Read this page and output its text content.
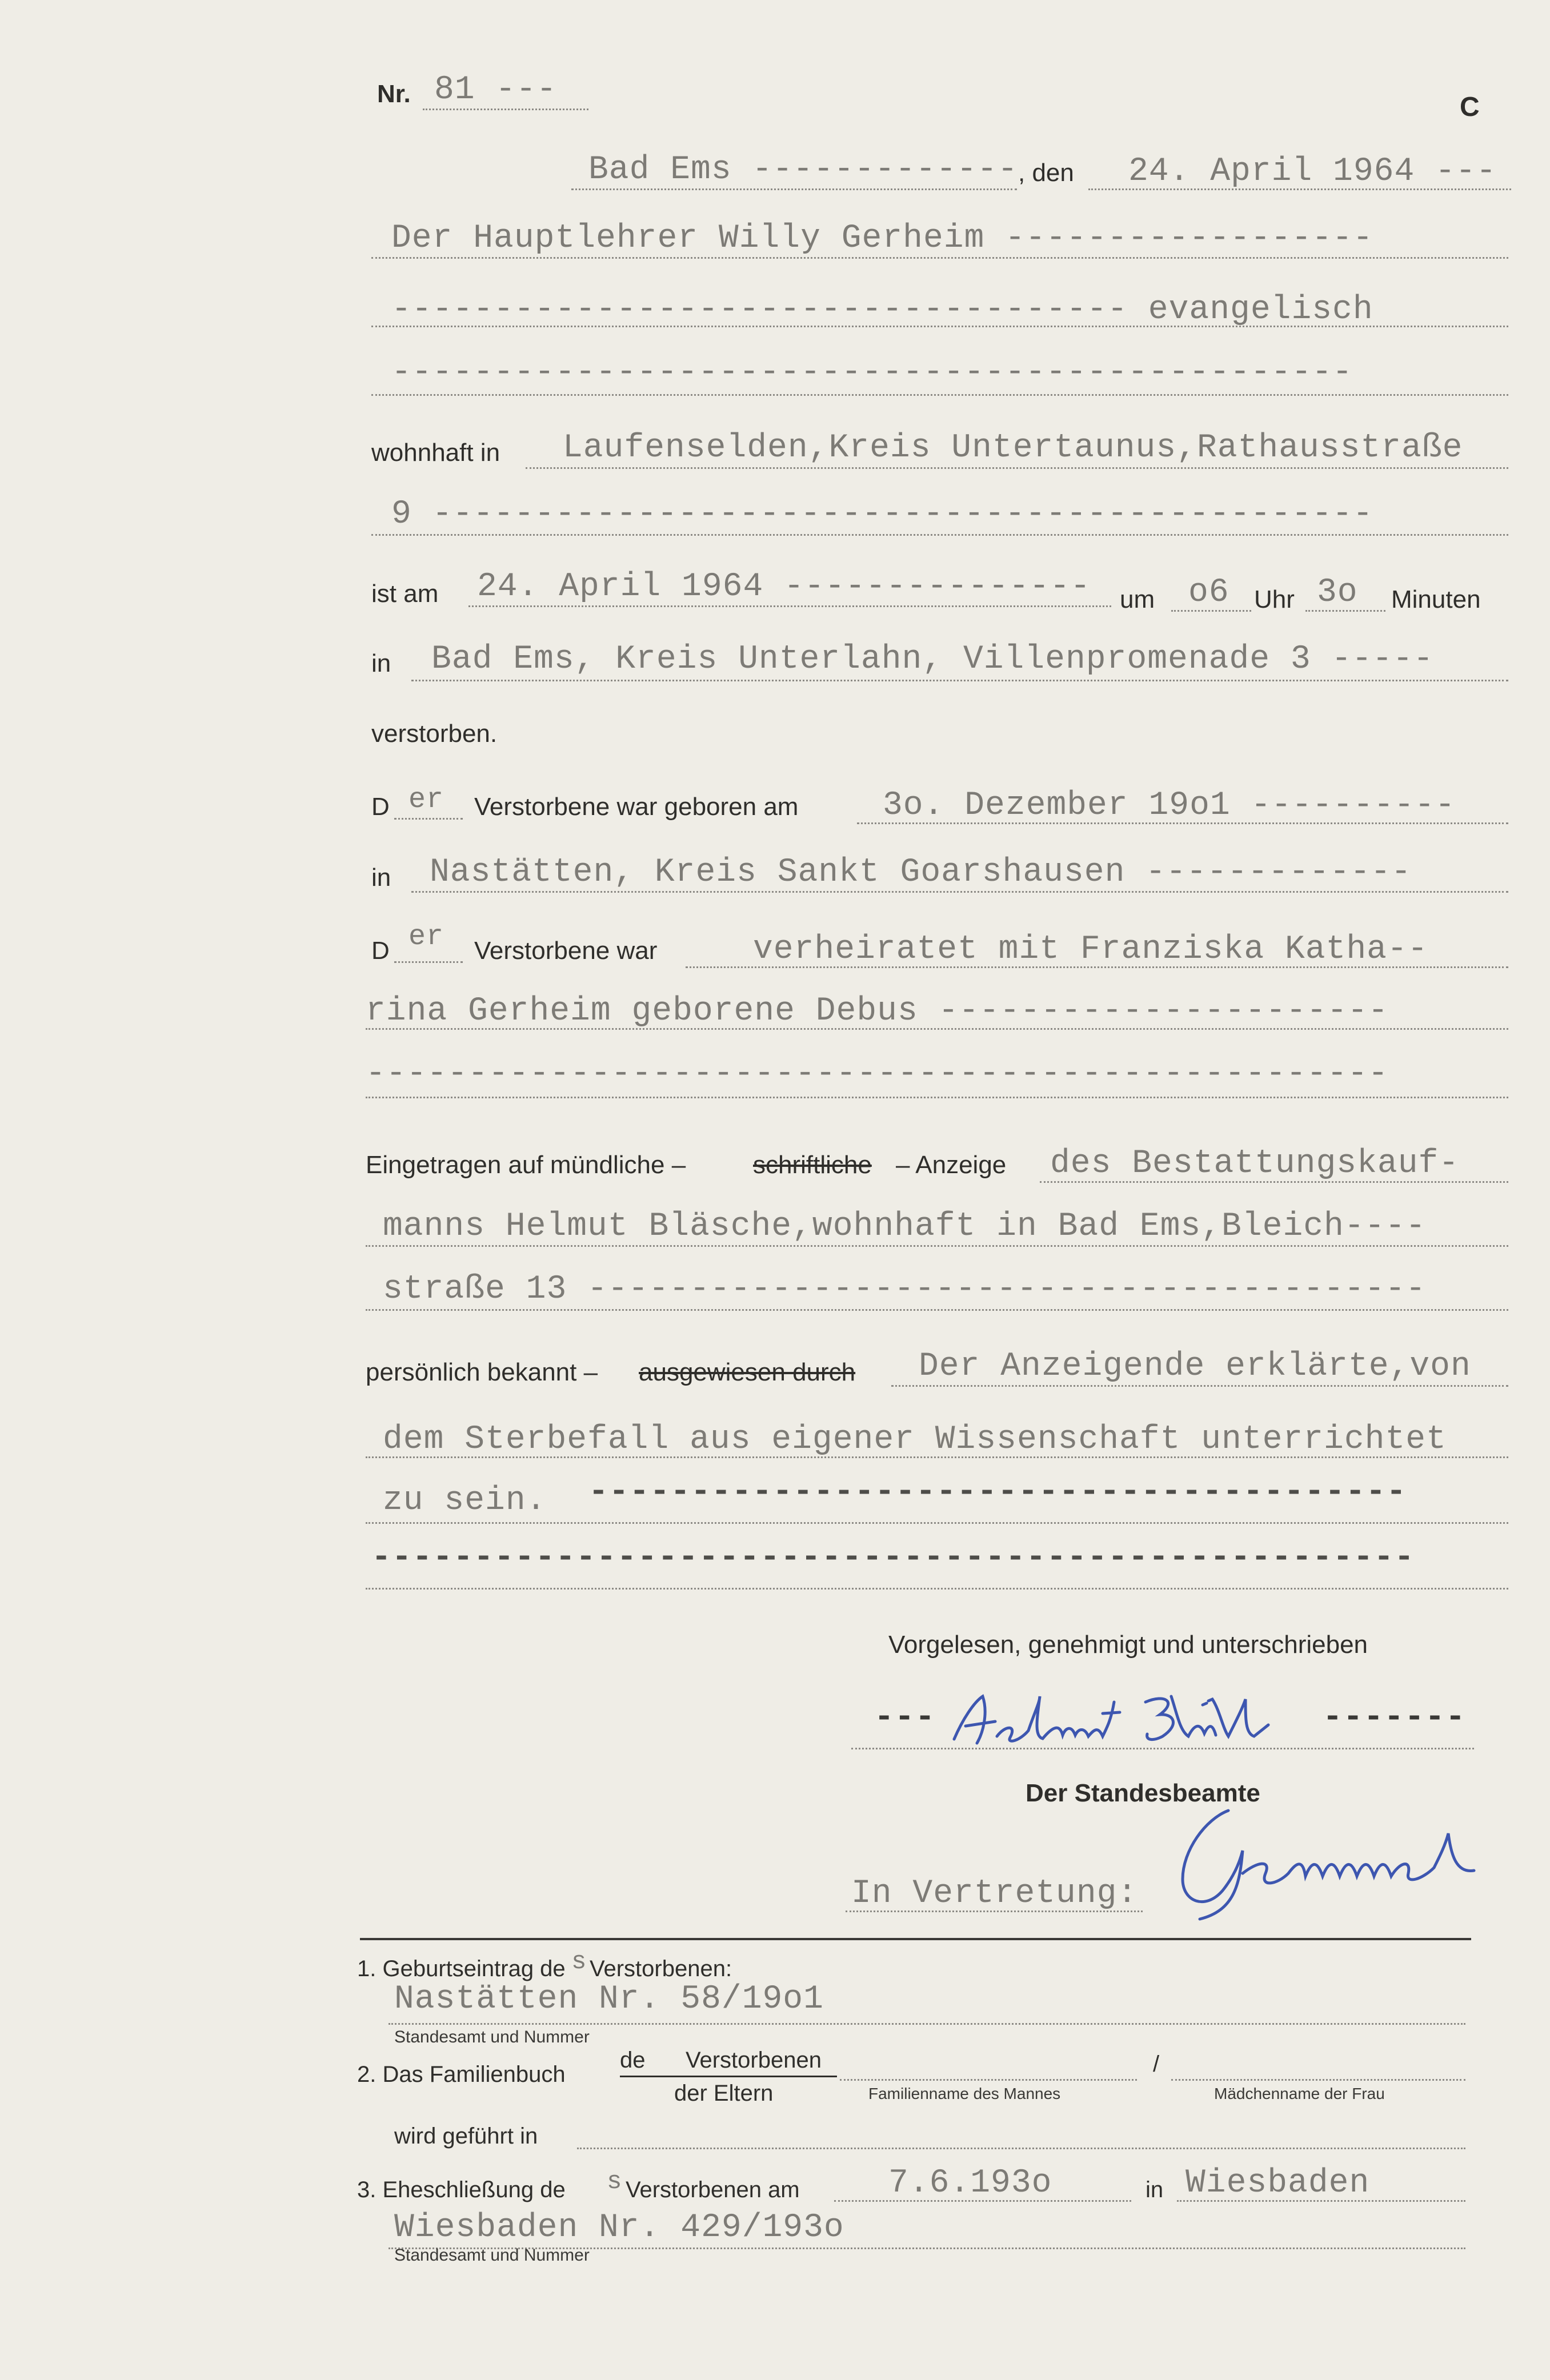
Nr. 81 ---	C
Bad Ems ------------- , den 24. April 1964 ---
Der Hauptlehrer Willy Gerheim ------------------
------------------------------------ evangelisch
-----------------------------------------------
wohnhaft in Laufenselden,Kreis Untertaunus,Rathausstraße
9 ----------------------------------------------
ist am 24. April 1964 --------------- um o6 Uhr 3o Minuten
in Bad Ems, Kreis Unterlahn, Villenpromenade 3 -----
verstorben.
D er Verstorbene war geboren am	3o. Dezember 19o1 ----------
in Nastätten, Kreis Sankt Goarshausen -------------
D er Verstorbene war	verheiratet mit Franziska Katha--
rina Gerheim geborene Debus ----------------------
--------------------------------------------------
Eingetragen auf mündliche –	schriftliche – Anzeige des Bestattungskauf-
manns Helmut Bläsche,wohnhaft in Bad Ems,Bleich----
straße 13 -----------------------------------------
persönlich bekannt – ausgewiesen durch Der Anzeigende erklärte,von
dem Sterbefall aus eigener Wissenschaft unterrichtet
zu sein. ----------------------------------------
---------------------------------------------------
Vorgelesen, genehmigt und unterschrieben
---	-------
Der Standesbeamte
In Vertretung:
1. Geburtseintrag de s Verstorbenen:
Nastätten Nr. 58/19o1
Standesamt und Nummer
2. Das Familienbuch
de Verstorbenen
der Eltern
/
Familienname des Mannes	Mädchenname der Frau
wird geführt in
3. Eheschließung de s Verstorbenen am	7.6.193o	in Wiesbaden
Wiesbaden Nr. 429/193o
Standesamt und Nummer
